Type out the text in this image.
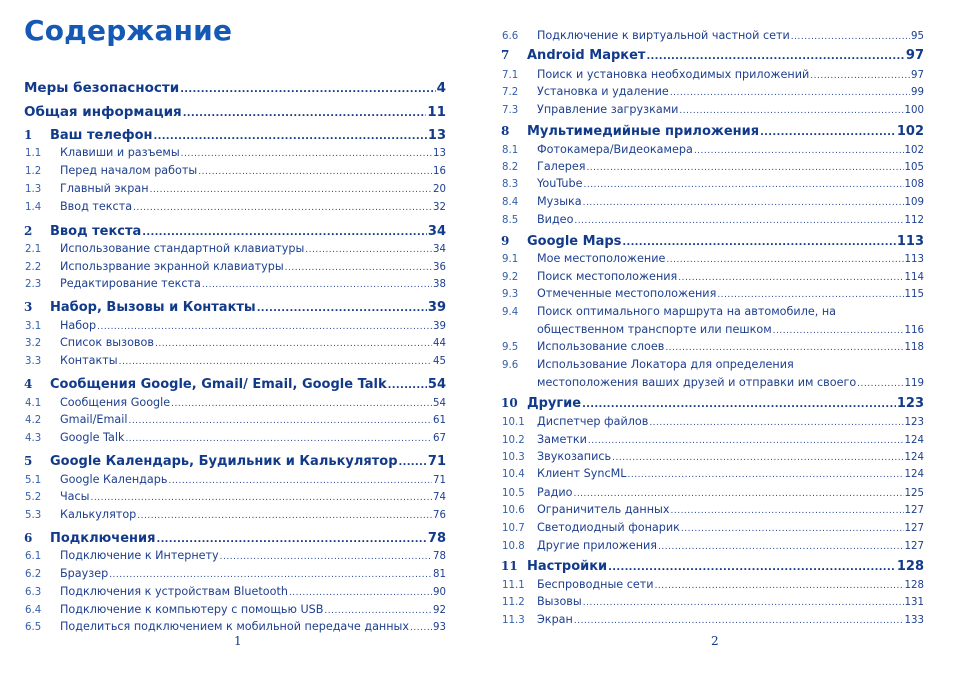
Содержание
Меры безопасности .....	4
Общая информация .....	11
1	Ваш телефон .....	13
1.1	Клавиши и разъемы .....	13
1.2	Перед началом работы .....	16
1.3	Главный экран .....	20
1.4	Ввод текста .....	32
2	Ввод текста .....	34
2.1	Использование стандартной клавиатуры .....	34
2.2	Использрвание экранной клавиатуры .....	36
2.3	Редактирование текста .....	38
3	Набор, Вызовы и Контакты .....	39
3.1	Набор .....	39
3.2	Список вызовов .....	44
3.3	Контакты .....	45
4	Сообщения Google, Gmail/ Email, Google Talk .....	54
4.1	Сообщения Google .....	54
4.2	Gmail/Email .....	61
4.3	Google Talk .....	67
5	Google Календарь, Будильник и Калькулятор ..... 71
5.1	Google Календарь .....	71
5.2	Часы .....	74
5.3	Калькулятор .....	76
6	Подключения .....	78
6.1	Подключение к Интернету .....	78
6.2	Браузер .....	81
6.3	Подключения к устройствам Bluetooth .....	90
6.4	Подключение к компьютеру с помощью USB .....	92
6.5	Поделиться подключением к мобильной передаче данных ..... 93
1
6.6	Подключение к виртуальной частной сети .....	95
7	Android Маркет .....	97
7.1	Поиск и установка необходимых приложений .....	97
7.2	Установка и удаление .....	99
7.3	Управление загрузками .....	100
8	Мультимедийные приложения .....	102
8.1	Фотокамера/Видеокамера .....	102
8.2	Галерея .....	105
8.3	YouTube .....	108
8.4	Музыка .....	109
8.5	Видео .....	112
9	Google Maps .....	113
9.1	Мое местоположение .....	113
9.2	Поиск местоположения .....	114
9.3	Отмеченные местоположения .....	115
9.4	Поиск оптимального маршрута на автомобиле, на
общественном транспорте или пешком .....	116
9.5	Использование слоев .....	118
9.6	Использование Локатора для определения
местоположения ваших друзей и отправки им своего .....	119
10 Другие .....	123
10.1	Диспетчер файлов .....	123
10.2	Заметки .....	124
10.3	Звукозапись .....	124
10.4	Клиент SyncML .....	124
10.5	Радио .....	125
10.6	Ограничитель данных .....	127
10.7	Светодиодный фонарик .....	127
10.8	Другие приложения .....	127
11 Настройки .....	128
11.1	Беспроводные сети .....	128
11.2	Вызовы .....	131
11.3	Экран .....	133
2
